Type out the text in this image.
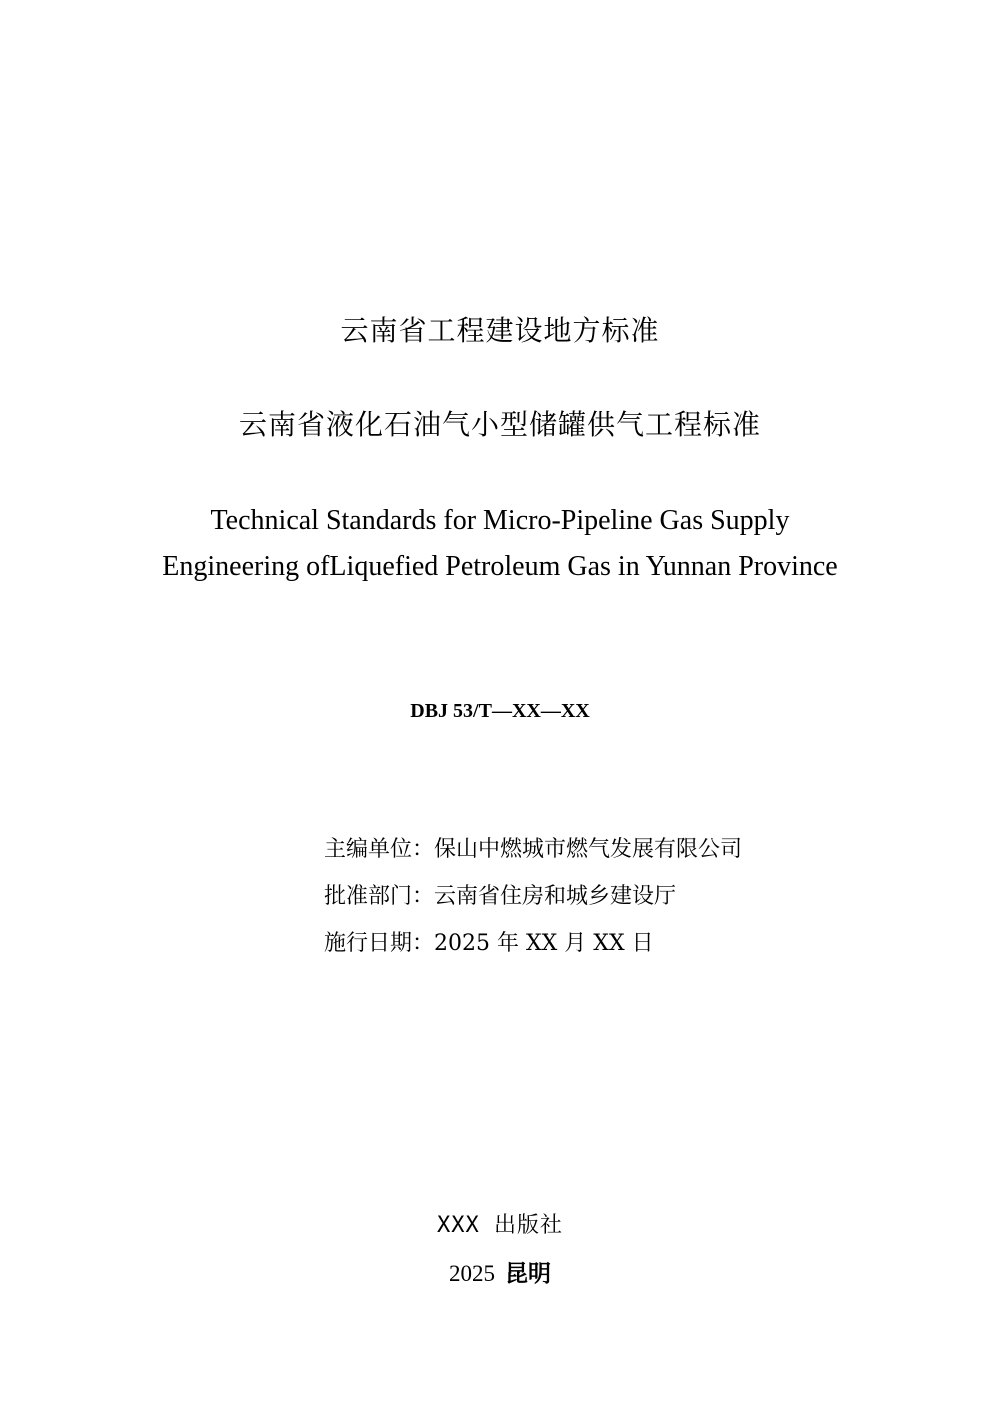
云南省工程建设地方标准
云南省液化石油气小型储罐供气工程标准
Technical Standards for Micro-Pipeline Gas Supply
Engineering ofLiquefied Petroleum Gas in Yunnan Province
DBJ 53/T—XX—XX
主编单位：保山中燃城市燃气发展有限公司
批准部门：云南省住房和城乡建设厅
施行日期：2025 年 XX 月 XX 日
XXX 出版社
2025 昆明
